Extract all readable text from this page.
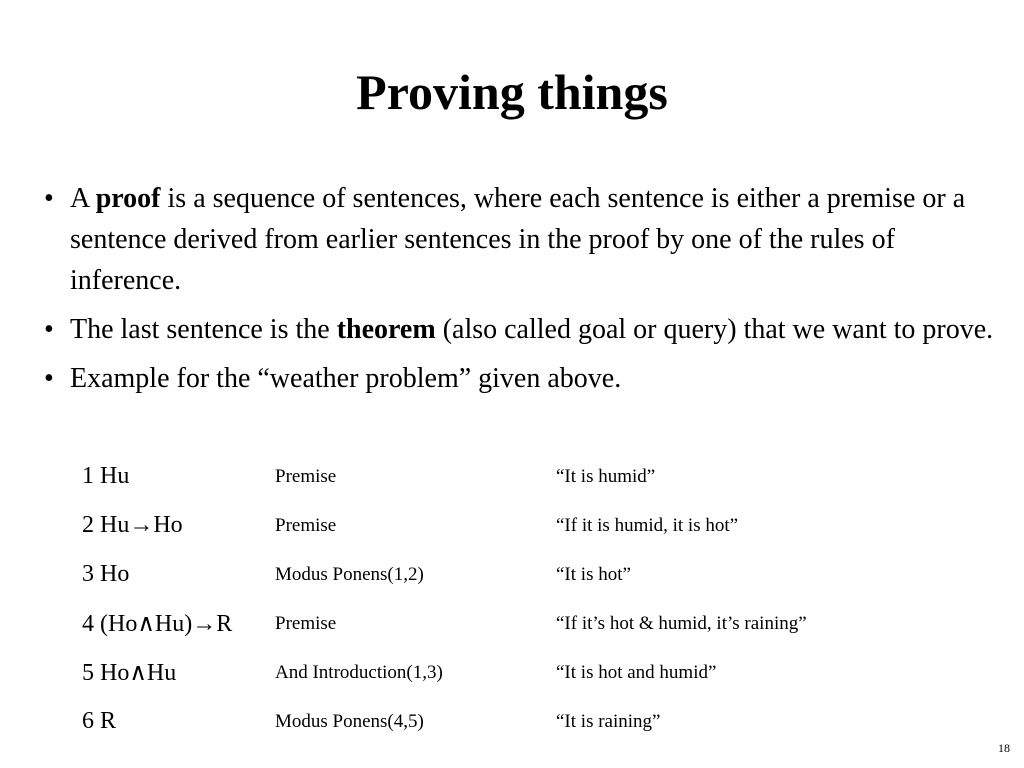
Proving things
• A proof is a sequence of sentences, where each sentence is either a premise or a sentence derived from earlier sentences in the proof by one of the rules of inference.
• The last sentence is the theorem (also called goal or query) that we want to prove.
• Example for the “weather problem” given above.
1 Hu	Premise	“It is humid”
2 Hu→Ho	Premise	“If it is humid, it is hot”
3 Ho	Modus Ponens(1,2)	“It is hot”
4 (Ho∧Hu)→R	Premise	“If it’s hot & humid, it’s raining”
5 Ho∧Hu	And Introduction(1,3)	“It is hot and humid”
6 R	Modus Ponens(4,5)	“It is raining”
18
